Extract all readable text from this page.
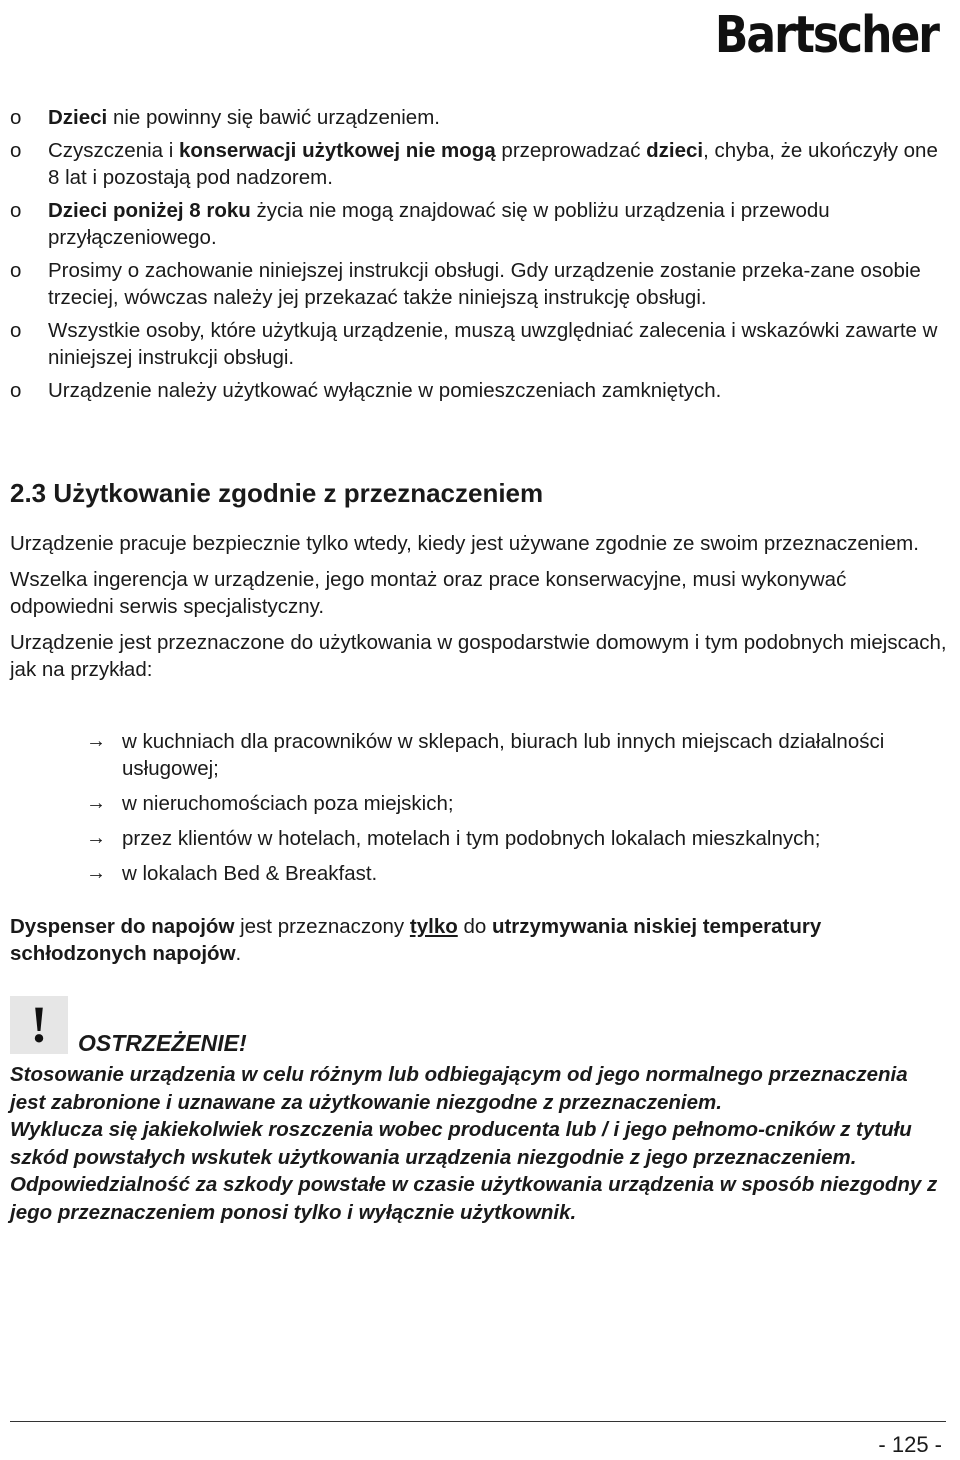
Bartscher
o Dzieci nie powinny się bawić urządzeniem.
o Czyszczenia i konserwacji użytkowej nie mogą przeprowadzać dzieci, chyba, że ukończyły one 8 lat i pozostają pod nadzorem.
o Dzieci poniżej 8 roku życia nie mogą znajdować się w pobliżu urządzenia i przewodu przyłączeniowego.
o Prosimy o zachowanie niniejszej instrukcji obsługi. Gdy urządzenie zostanie przeka-zane osobie trzeciej, wówczas należy jej przekazać także niniejszą instrukcję obsługi.
o Wszystkie osoby, które użytkują urządzenie, muszą uwzględniać zalecenia i wskazówki zawarte w niniejszej instrukcji obsługi.
o Urządzenie należy użytkować wyłącznie w pomieszczeniach zamkniętych.
2.3 Użytkowanie zgodnie z przeznaczeniem

Urządzenie pracuje bezpiecznie tylko wtedy, kiedy jest używane zgodnie ze swoim przeznaczeniem.

Wszelka ingerencja w urządzenie, jego montaż oraz prace konserwacyjne, musi wykonywać odpowiedni serwis specjalistyczny.

Urządzenie jest przeznaczone do użytkowania w gospodarstwie domowym i tym podobnych miejscach, jak na przykład:

→ w kuchniach dla pracowników w sklepach, biurach lub innych miejscach działalności usługowej;
→ w nieruchomościach poza miejskich;
→ przez klientów w hotelach, motelach i tym podobnych lokalach mieszkalnych;
→ w lokalach Bed & Breakfast.
Dyspenser do napojów jest przeznaczony tylko do utrzymywania niskiej temperatury schłodzonych napojów.
!	OSTRZEŻENIE!

Stosowanie urządzenia w celu różnym lub odbiegającym od jego normalnego przeznaczenia jest zabronione i uznawane za użytkowanie niezgodne z przeznaczeniem.

Wyklucza się jakiekolwiek roszczenia wobec producenta lub / i jego pełnomo-cników z tytułu szkód powstałych wskutek użytkowania urządzenia niezgodnie z jego przeznaczeniem.

Odpowiedzialność za szkody powstałe w czasie użytkowania urządzenia w sposób niezgodny z jego przeznaczeniem ponosi tylko i wyłącznie użytkownik.

- 125 -
